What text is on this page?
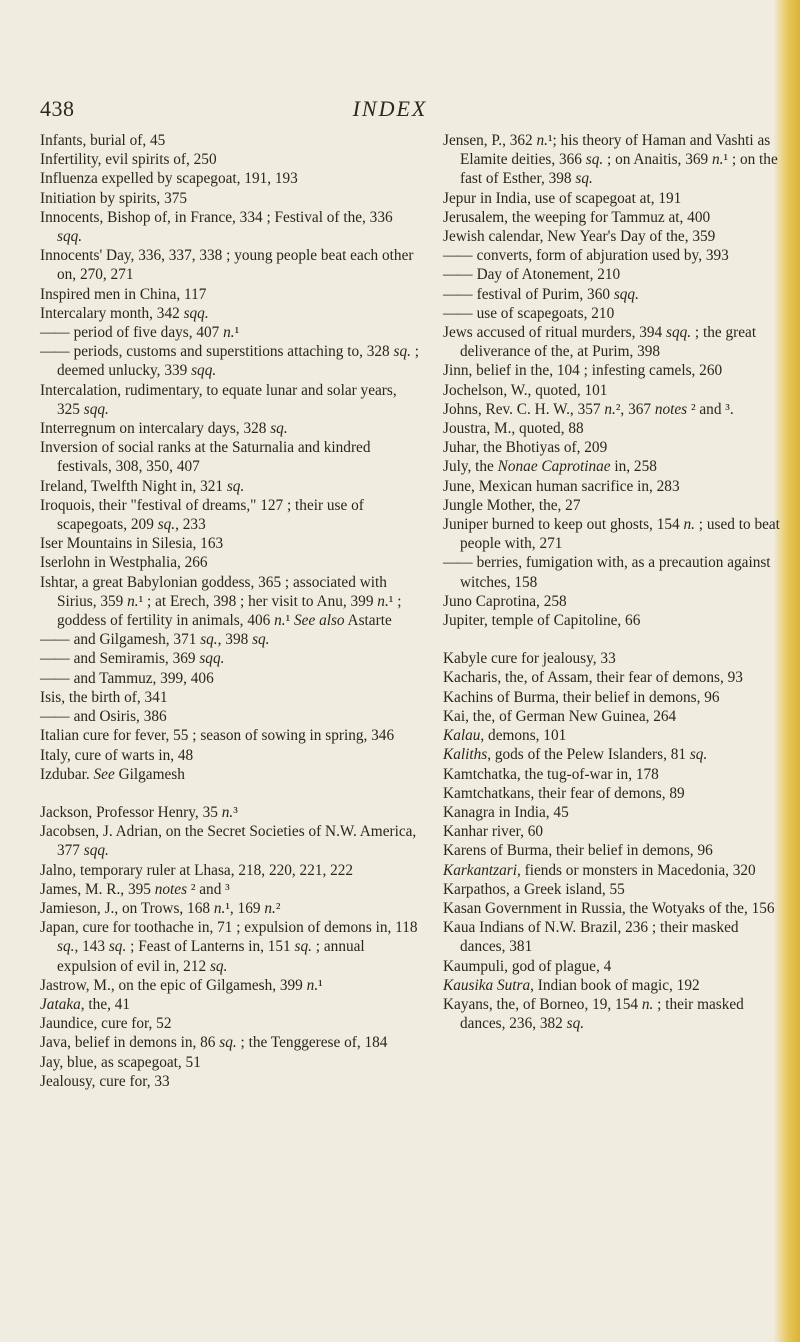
438	INDEX
Infants, burial of, 45
Infertility, evil spirits of, 250
Influenza expelled by scapegoat, 191, 193
Initiation by spirits, 375
Innocents, Bishop of, in France, 334 ; Festival of the, 336 sqq.
Innocents' Day, 336, 337, 338 ; young people beat each other on, 270, 271
Inspired men in China, 117
Intercalary month, 342 sqq.
—— period of five days, 407 n.¹
—— periods, customs and superstitions attaching to, 328 sq. ; deemed unlucky, 339 sqq.
Intercalation, rudimentary, to equate lunar and solar years, 325 sqq.
Interregnum on intercalary days, 328 sq.
Inversion of social ranks at the Saturnalia and kindred festivals, 308, 350, 407
Ireland, Twelfth Night in, 321 sq.
Iroquois, their "festival of dreams," 127 ; their use of scapegoats, 209 sq., 233
Iser Mountains in Silesia, 163
Iserlohn in Westphalia, 266
Ishtar, a great Babylonian goddess, 365 ; associated with Sirius, 359 n.¹ ; at Erech, 398 ; her visit to Anu, 399 n.¹ ; goddess of fertility in animals, 406 n.¹ See also Astarte
—— and Gilgamesh, 371 sq., 398 sq.
—— and Semiramis, 369 sqq.
—— and Tammuz, 399, 406
Isis, the birth of, 341
—— and Osiris, 386
Italian cure for fever, 55 ; season of sowing in spring, 346
Italy, cure of warts in, 48
Izdubar. See Gilgamesh
Jackson, Professor Henry, 35 n.³
Jacobsen, J. Adrian, on the Secret Societies of N.W. America, 377 sqq.
Jalno, temporary ruler at Lhasa, 218, 220, 221, 222
James, M. R., 395 notes ² and ³
Jamieson, J., on Trows, 168 n.¹, 169 n.²
Japan, cure for toothache in, 71 ; expulsion of demons in, 118 sq., 143 sq. ; Feast of Lanterns in, 151 sq. ; annual expulsion of evil in, 212 sq.
Jastrow, M., on the epic of Gilgamesh, 399 n.¹
Jataka, the, 41
Jaundice, cure for, 52
Java, belief in demons in, 86 sq. ; the Tenggerese of, 184
Jay, blue, as scapegoat, 51
Jealousy, cure for, 33
Jensen, P., 362 n.¹; his theory of Haman and Vashti as Elamite deities, 366 sq. ; on Anaitis, 369 n.¹ ; on the fast of Esther, 398 sq.
Jepur in India, use of scapegoat at, 191
Jerusalem, the weeping for Tammuz at, 400
Jewish calendar, New Year's Day of the, 359
—— converts, form of abjuration used by, 393
—— Day of Atonement, 210
—— festival of Purim, 360 sqq.
—— use of scapegoats, 210
Jews accused of ritual murders, 394 sqq. ; the great deliverance of the, at Purim, 398
Jinn, belief in the, 104 ; infesting camels, 260
Jochelson, W., quoted, 101
Johns, Rev. C. H. W., 357 n.², 367 notes ² and ³.
Joustra, M., quoted, 88
Juhar, the Bhotiyas of, 209
July, the Nonae Caprotinae in, 258
June, Mexican human sacrifice in, 283
Jungle Mother, the, 27
Juniper burned to keep out ghosts, 154 n. ; used to beat people with, 271
—— berries, fumigation with, as a precaution against witches, 158
Juno Caprotina, 258
Jupiter, temple of Capitoline, 66
Kabyle cure for jealousy, 33
Kacharis, the, of Assam, their fear of demons, 93
Kachins of Burma, their belief in demons, 96
Kai, the, of German New Guinea, 264
Kalau, demons, 101
Kaliths, gods of the Pelew Islanders, 81 sq.
Kamtchatka, the tug-of-war in, 178
Kamtchatkans, their fear of demons, 89
Kanagra in India, 45
Kanhar river, 60
Karens of Burma, their belief in demons, 96
Karkantzari, fiends or monsters in Macedonia, 320
Karpathos, a Greek island, 55
Kasan Government in Russia, the Wotyaks of the, 156
Kaua Indians of N.W. Brazil, 236 ; their masked dances, 381
Kaumpuli, god of plague, 4
Kausika Sutra, Indian book of magic, 192
Kayans, the, of Borneo, 19, 154 n. ; their masked dances, 236, 382 sq.
